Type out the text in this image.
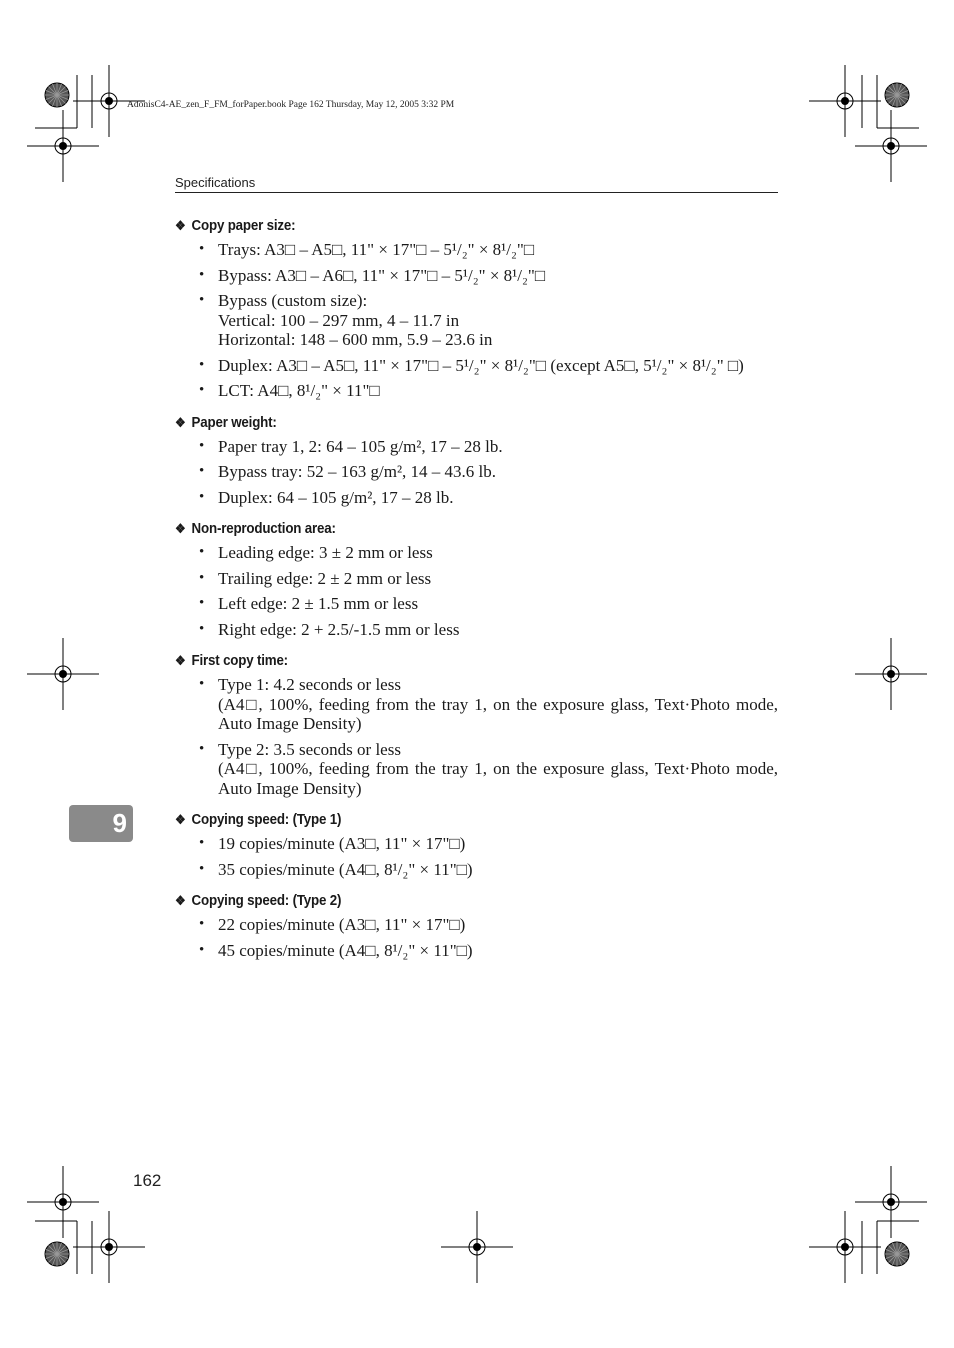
AdonisC4-AE_zen_F_FM_forPaper.book Page 162 Thursday, May 12, 2005 3:32 PM
Specifications
❖ Copy paper size:
• Trays: A3□ – A5□, 11" × 17"□ – 5¹/₂" × 8¹/₂"□
• Bypass: A3□ – A6□, 11" × 17"□ – 5¹/₂" × 8¹/₂"□
• Bypass (custom size):
Vertical: 100 – 297 mm, 4 – 11.7 in
Horizontal: 148 – 600 mm, 5.9 – 23.6 in
• Duplex: A3□ – A5□, 11" × 17"□ – 5¹/₂" × 8¹/₂"□ (except A5□, 5¹/₂" × 8¹/₂" □)
• LCT: A4□, 8¹/₂" × 11"□
❖ Paper weight:
• Paper tray 1, 2: 64 – 105 g/m², 17 – 28 lb.
• Bypass tray: 52 – 163 g/m², 14 – 43.6 lb.
• Duplex: 64 – 105 g/m², 17 – 28 lb.
❖ Non-reproduction area:
• Leading edge: 3 ± 2 mm or less
• Trailing edge: 2 ± 2 mm or less
• Left edge: 2 ± 1.5 mm or less
• Right edge: 2 + 2.5/-1.5 mm or less
❖ First copy time:
• Type 1: 4.2 seconds or less
(A4□, 100%, feeding from the tray 1, on the exposure glass, Text·Photo mode, Auto Image Density)
• Type 2: 3.5 seconds or less
(A4□, 100%, feeding from the tray 1, on the exposure glass, Text·Photo mode, Auto Image Density)
❖ Copying speed: (Type 1)
• 19 copies/minute (A3□, 11" × 17"□)
• 35 copies/minute (A4□, 8¹/₂" × 11"□)
❖ Copying speed: (Type 2)
• 22 copies/minute (A3□, 11" × 17"□)
• 45 copies/minute (A4□, 8¹/₂" × 11"□)
9
162
